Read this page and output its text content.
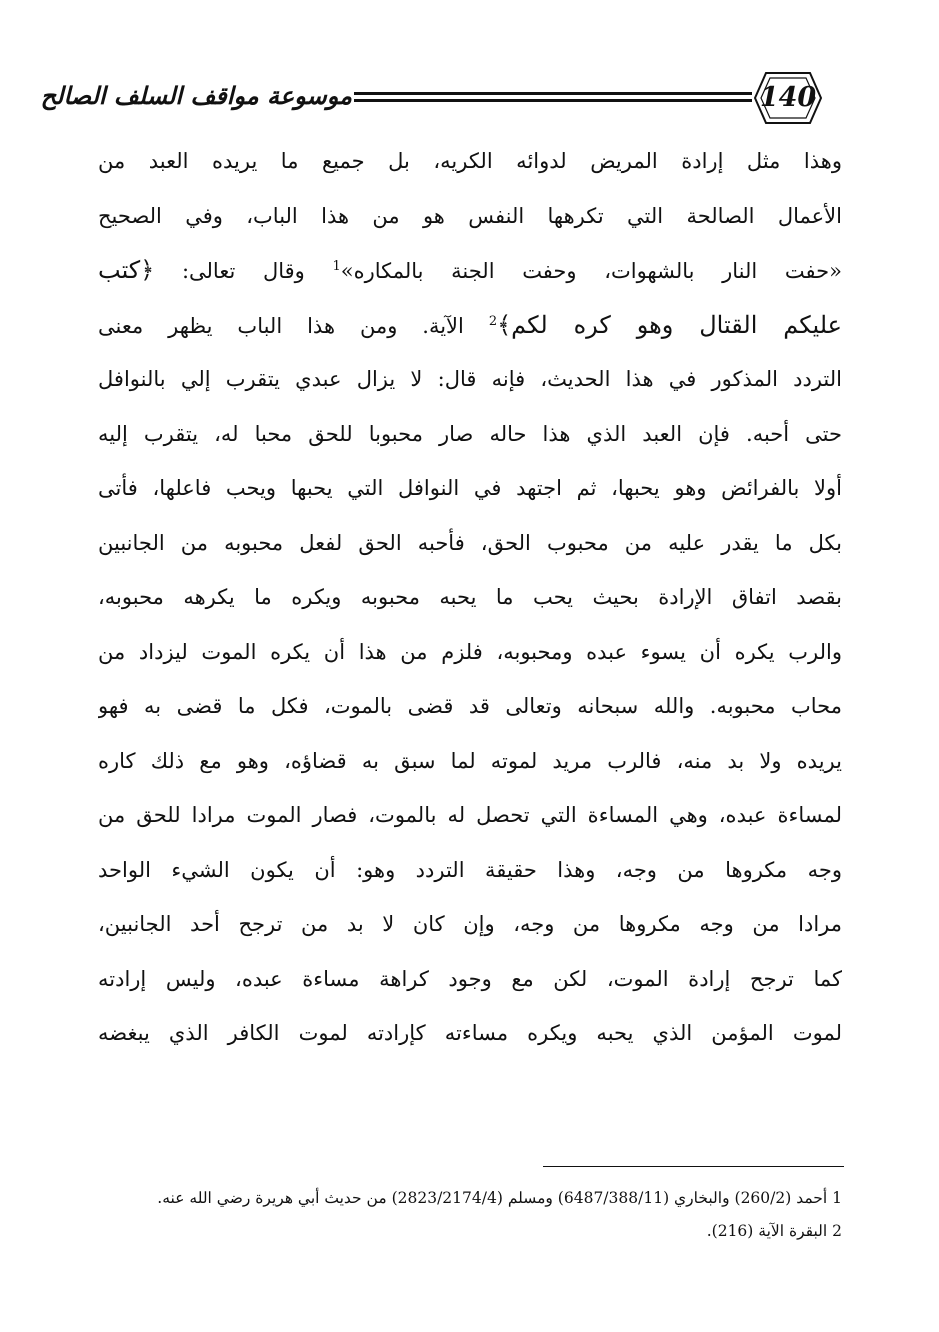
موسوعة مواقف السلف الصالح	140
وهذا مثل إرادة المريض لدوائه الكريه، بل جميع ما يريده العبد من
الأعمال الصالحة التي تكرهها النفس هو من هذا الباب، وفي الصحيح
«حفت النار بالشهوات، وحفت الجنة بالمكاره»$^1$ وقال تعالى: ﴿كتب
عليكم القتال وهو كره لكم﴾$^2$ الآية. ومن هذا الباب يظهر معنى
التردد المذكور في هذا الحديث، فإنه قال: لا يزال عبدي يتقرب إلي بالنوافل
حتى أحبه. فإن العبد الذي هذا حاله صار محبوبا للحق محبا له، يتقرب إليه
أولا بالفرائض وهو يحبها، ثم اجتهد في النوافل التي يحبها ويحب فاعلها، فأتى
بكل ما يقدر عليه من محبوب الحق، فأحبه الحق لفعل محبوبه من الجانبين
بقصد اتفاق الإرادة بحيث يحب ما يحبه محبوبه ويكره ما يكرهه محبوبه،
والرب يكره أن يسوء عبده ومحبوبه، فلزم من هذا أن يكره الموت ليزداد من
محاب محبوبه. والله سبحانه وتعالى قد قضى بالموت، فكل ما قضى به فهو
يريده ولا بد منه، فالرب مريد لموته لما سبق به قضاؤه، وهو مع ذلك كاره
لمساءة عبده، وهي المساءة التي تحصل له بالموت، فصار الموت مرادا للحق من
وجه مكروها من وجه، وهذا حقيقة التردد وهو: أن يكون الشيء الواحد
مرادا من وجه مكروها من وجه، وإن كان لا بد من ترجح أحد الجانبين،
كما ترجح إرادة الموت، لكن مع وجود كراهة مساءة عبده، وليس إرادته
لموت المؤمن الذي يحبه ويكره مساءته كإرادته لموت الكافر الذي يبغضه
1 أحمد (260/2) والبخاري (6487/388/11) ومسلم (2823/2174/4) من حديث أبي هريرة رضي الله عنه.
2 البقرة الآية (216).
